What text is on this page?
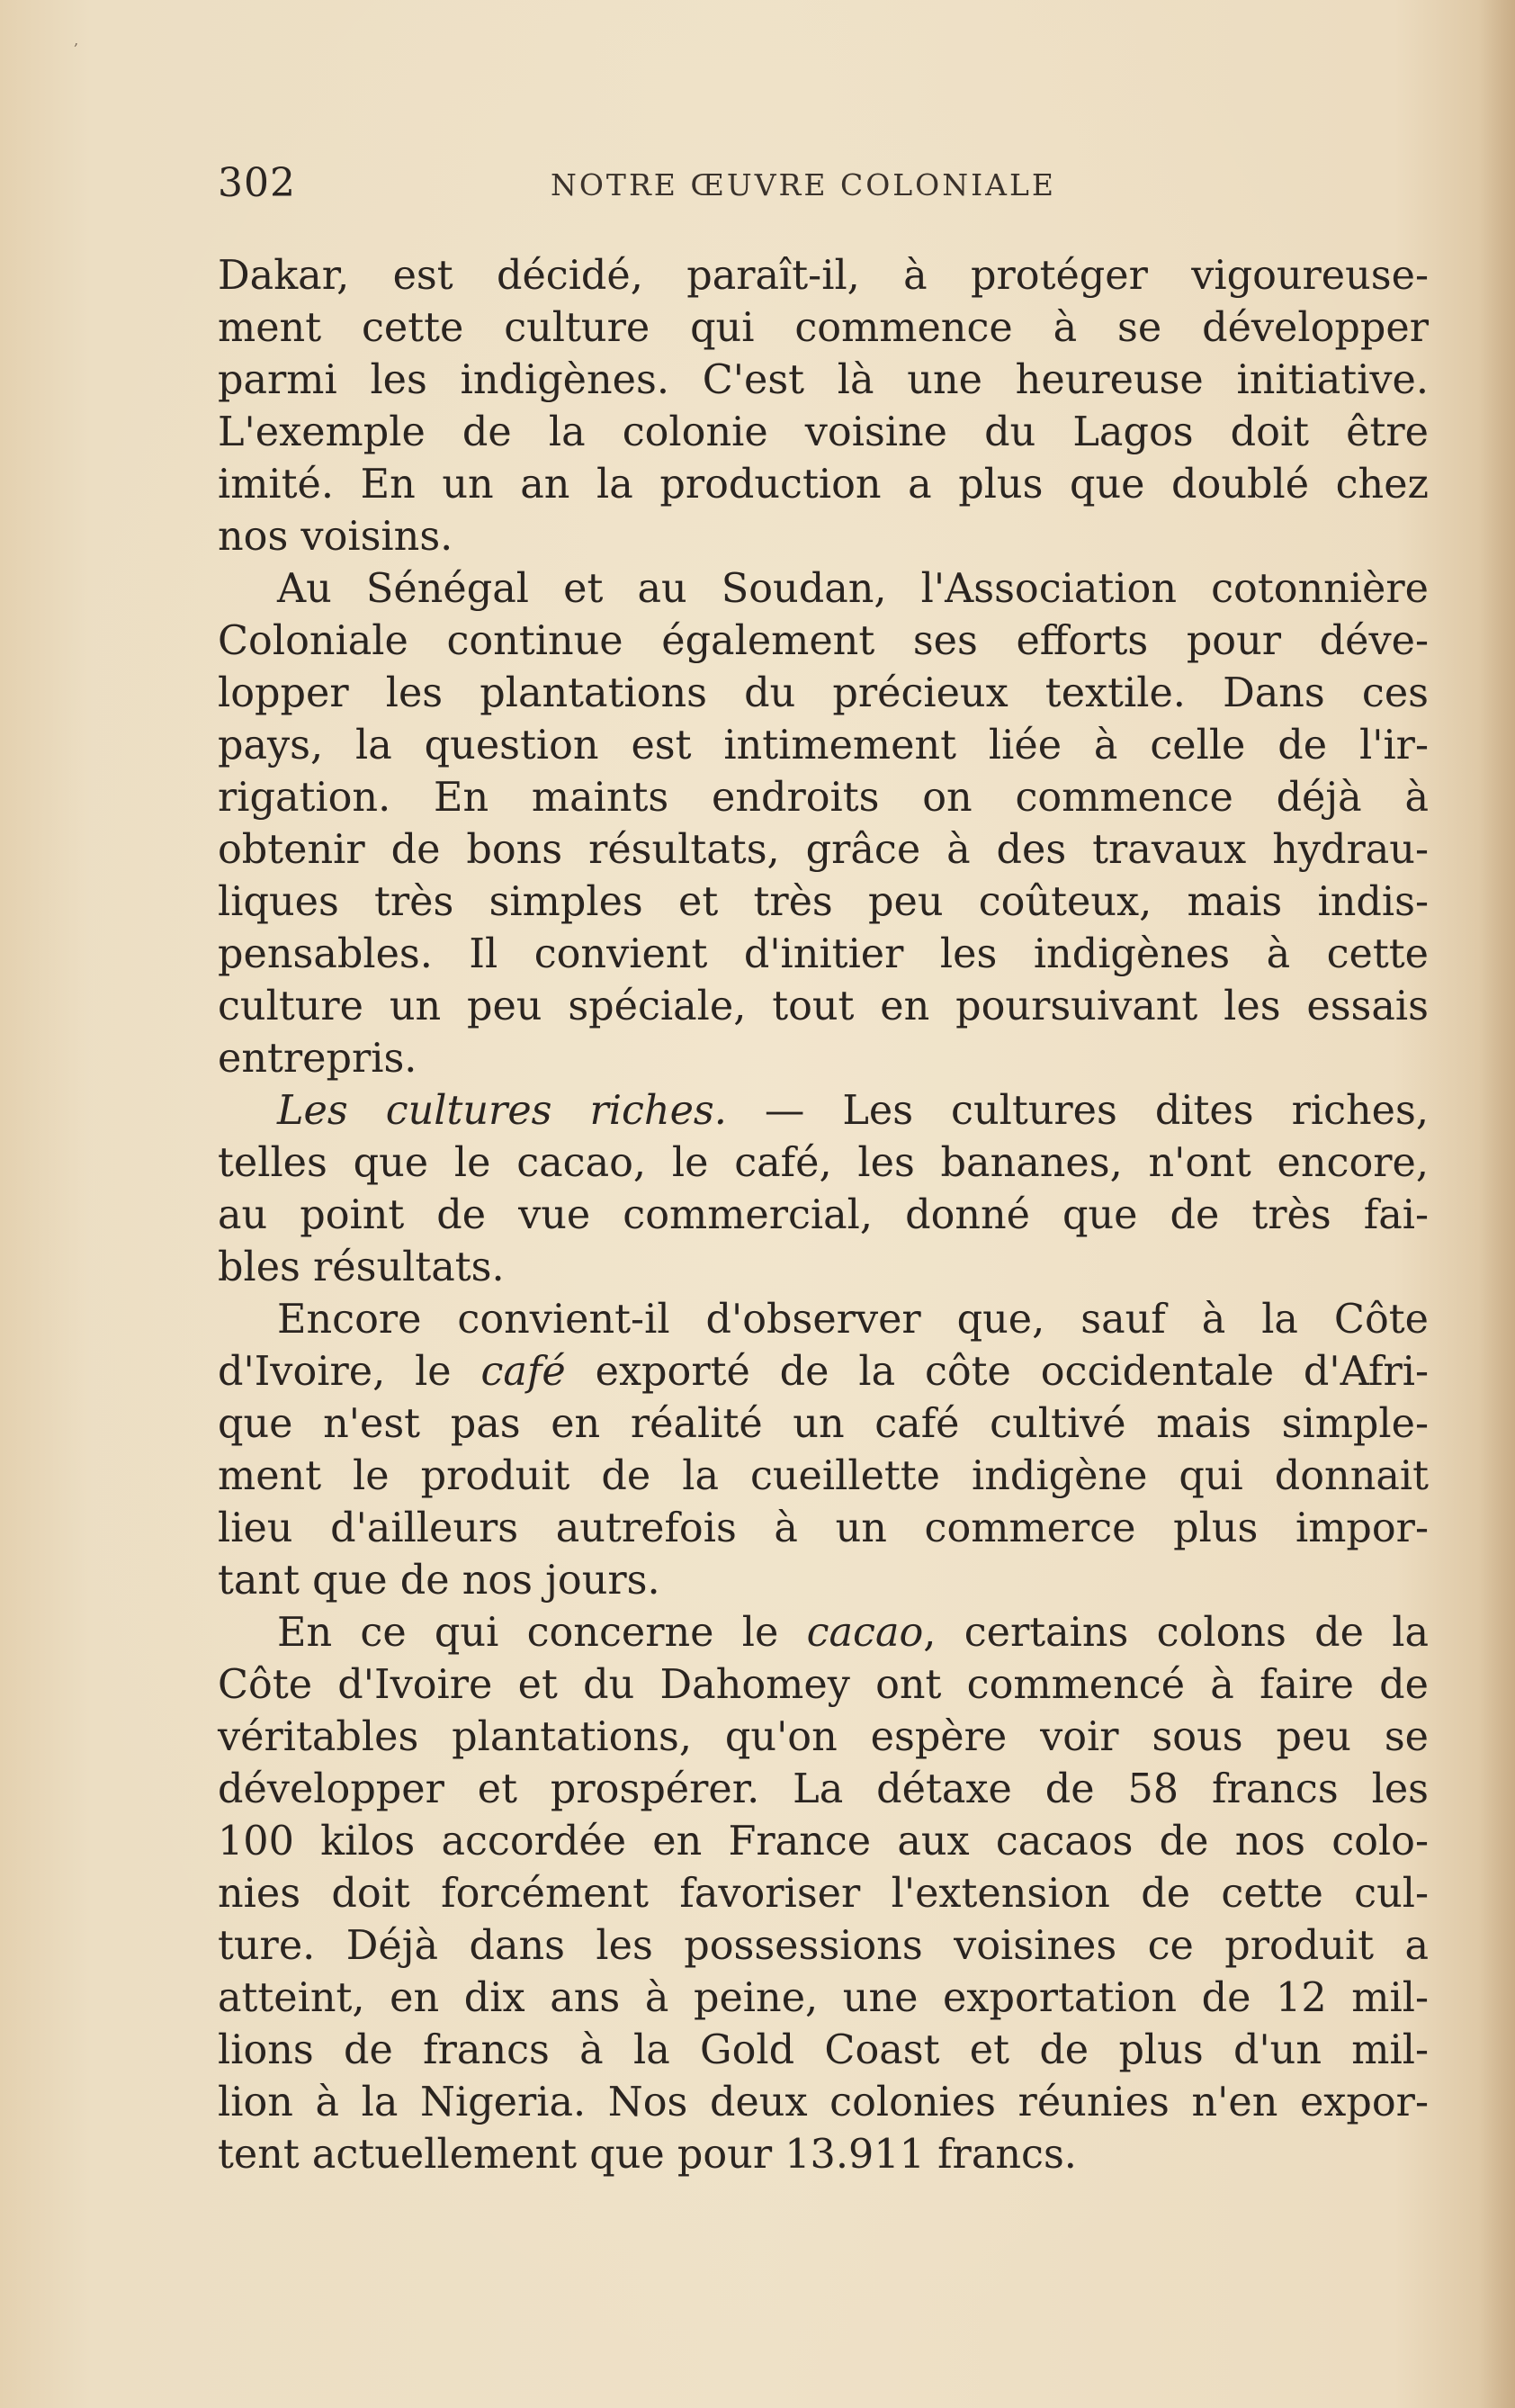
‚
302	NOTRE ŒUVRE COLONIALE
Dakar, est décidé, paraît-il, à protéger vigoureuse-
ment cette culture qui commence à se développer
parmi les indigènes. C'est là une heureuse initiative.
L'exemple de la colonie voisine du Lagos doit être
imité. En un an la production a plus que doublé chez
nos voisins.
Au Sénégal et au Soudan, l'Association cotonnière
Coloniale continue également ses efforts pour déve-
lopper les plantations du précieux textile. Dans ces
pays, la question est intimement liée à celle de l'ir-
rigation. En maints endroits on commence déjà à
obtenir de bons résultats, grâce à des travaux hydrau-
liques très simples et très peu coûteux, mais indis-
pensables. Il convient d'initier les indigènes à cette
culture un peu spéciale, tout en poursuivant les essais
entrepris.
Les cultures riches. — Les cultures dites riches,
telles que le cacao, le café, les bananes, n'ont encore,
au point de vue commercial, donné que de très fai-
bles résultats.
Encore convient-il d'observer que, sauf à la Côte
d'Ivoire, le café exporté de la côte occidentale d'Afri-
que n'est pas en réalité un café cultivé mais simple-
ment le produit de la cueillette indigène qui donnait
lieu d'ailleurs autrefois à un commerce plus impor-
tant que de nos jours.
En ce qui concerne le cacao, certains colons de la
Côte d'Ivoire et du Dahomey ont commencé à faire de
véritables plantations, qu'on espère voir sous peu se
développer et prospérer. La détaxe de 58 francs les
100 kilos accordée en France aux cacaos de nos colo-
nies doit forcément favoriser l'extension de cette cul-
ture. Déjà dans les possessions voisines ce produit a
atteint, en dix ans à peine, une exportation de 12 mil-
lions de francs à la Gold Coast et de plus d'un mil-
lion à la Nigeria. Nos deux colonies réunies n'en expor-
tent actuellement que pour 13.911 francs.
